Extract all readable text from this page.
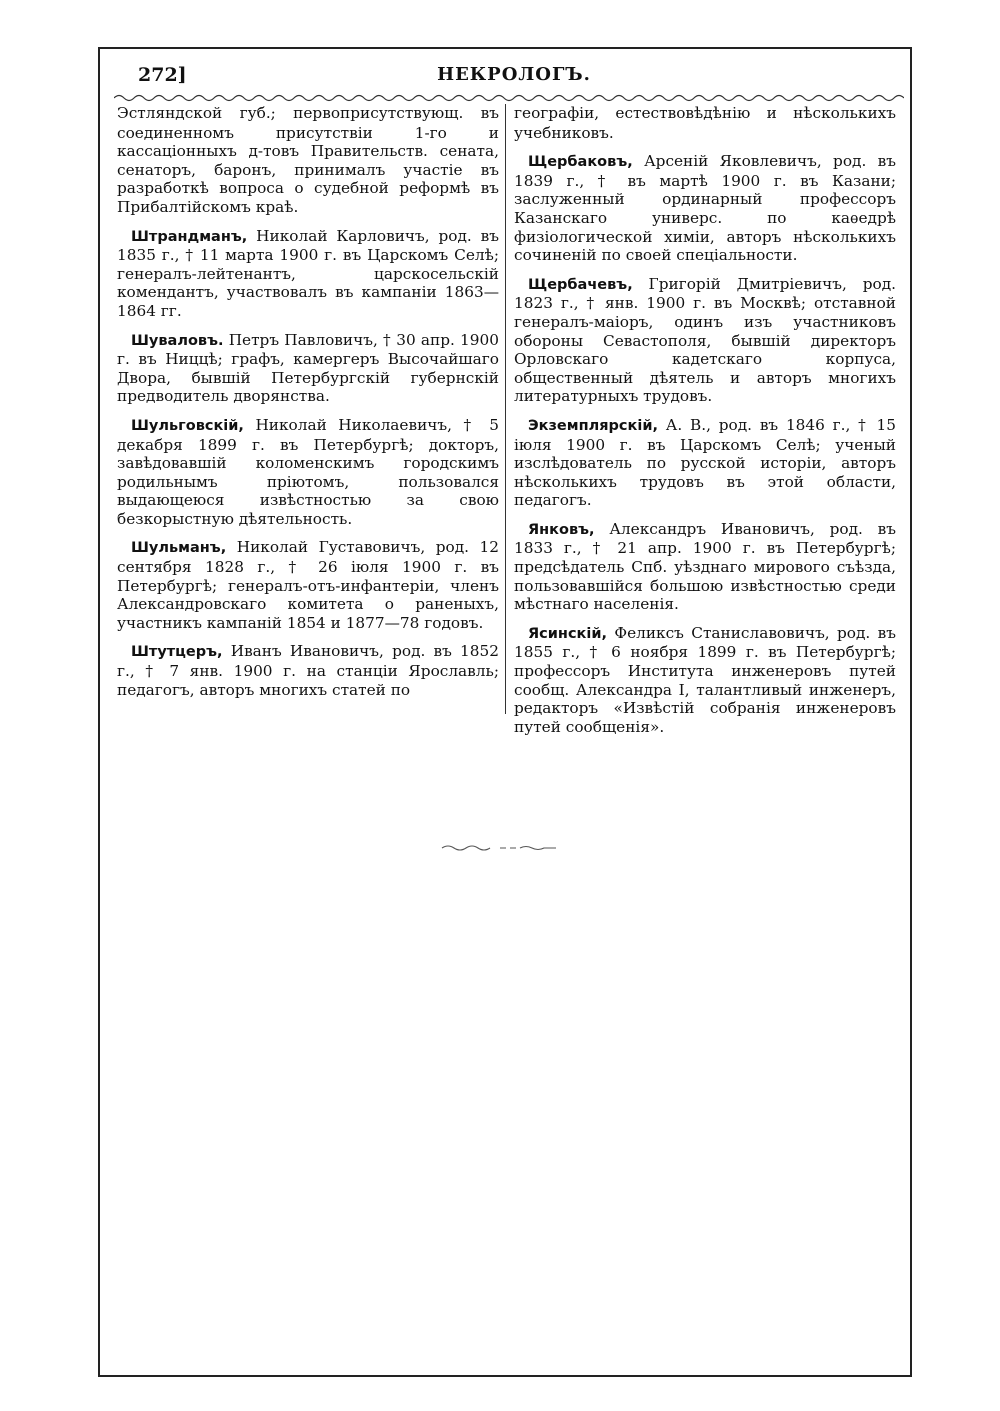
272]	НЕКРОЛОГЪ.

Эстляндской губ.; первоприсутствующ. въ соединенномъ присутствіи 1-го и кассаціонныхъ д-товъ Правительств. сената, сенаторъ, баронъ, принималъ участіе въ разработкѣ вопроса о судебной реформѣ въ Прибалтійскомъ краѣ.

Штрандманъ, Николай Карловичъ, род. въ 1835 г., † 11 марта 1900 г. въ Царскомъ Селѣ; генералъ-лейтенантъ, царскосельскій комендантъ, участвовалъ въ кампаніи 1863—1864 гг.

Шуваловъ. Петръ Павловичъ, † 30 апр. 1900 г. въ Ниццѣ; графъ, камергеръ Высочайшаго Двора, бывшій Петербургскій губернскій предводитель дворянства.

Шульговскій, Николай Николаевичъ, † 5 декабря 1899 г. въ Петербургѣ; докторъ, завѣдовавшій коломенскимъ городскимъ родильнымъ пріютомъ, пользовался выдающеюся извѣстностью за свою безкорыстную дѣятельность.

Шульманъ, Николай Густавовичъ, род. 12 сентября 1828 г., † 26 іюля 1900 г. въ Петербургѣ; генералъ-отъ-инфантеріи, членъ Александровскаго комитета о раненыхъ, участникъ кампаній 1854 и 1877—78 годовъ.

Штутцеръ, Иванъ Ивановичъ, род. въ 1852 г., † 7 янв. 1900 г. на станціи Ярославль; педагогъ, авторъ многихъ статей по

географіи, естествовѣдѣнію и нѣсколькихъ учебниковъ.

Щербаковъ, Арсеній Яковлевичъ, род. въ 1839 г., † въ мартѣ 1900 г. въ Казани; заслуженный ординарный профессоръ Казанскаго универс. по каѳедрѣ физіологической химіи, авторъ нѣсколькихъ сочиненій по своей спеціальности.

Щербачевъ, Григорій Дмитріевичъ, род. 1823 г., † янв. 1900 г. въ Москвѣ; отставной генералъ-маіоръ, одинъ изъ участниковъ обороны Севастополя, бывшій директоръ Орловскаго кадетскаго корпуса, общественный дѣятель и авторъ многихъ литературныхъ трудовъ.

Экземплярскій, А. В., род. въ 1846 г., † 15 іюля 1900 г. въ Царскомъ Селѣ; ученый изслѣдователь по русской исторіи, авторъ нѣсколькихъ трудовъ въ этой области, педагогъ.

Янковъ, Александръ Ивановичъ, род. въ 1833 г., † 21 апр. 1900 г. въ Петербургѣ; предсѣдатель Спб. уѣзднаго мирового съѣзда, пользовавшійся большою извѣстностью среди мѣстнаго населенія.

Ясинскій, Феликсъ Станиславовичъ, род. въ 1855 г., † 6 ноября 1899 г. въ Петербургѣ; профессоръ Института инженеровъ путей сообщ. Александра I, талантливый инженеръ, редакторъ «Извѣстій собранія инженеровъ путей сообщенія».
